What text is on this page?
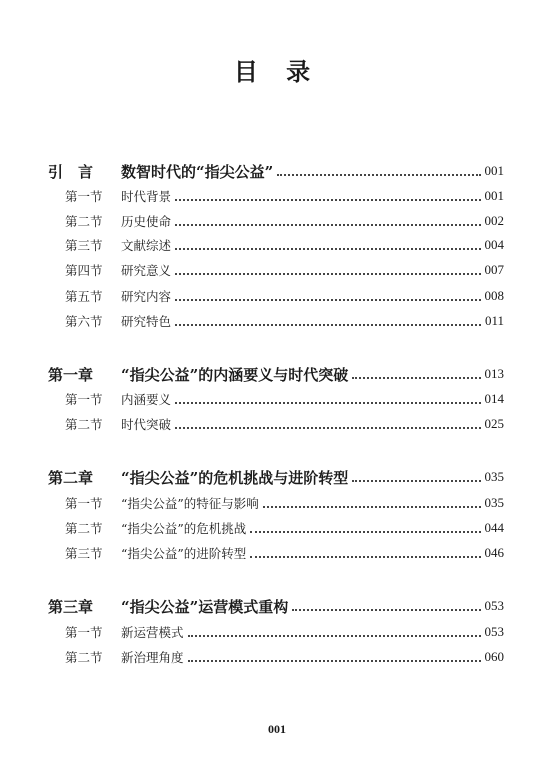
目 录
引　言	数智时代的“指尖公益”	001
第一节	时代背景	001
第二节	历史使命	002
第三节	文献综述	004
第四节	研究意义	007
第五节	研究内容	008
第六节	研究特色	011
第一章	“指尖公益”的内涵要义与时代突破	013
第一节	内涵要义	014
第二节	时代突破	025
第二章	“指尖公益”的危机挑战与进阶转型	035
第一节	“指尖公益”的特征与影响	035
第二节	“指尖公益”的危机挑战	044
第三节	“指尖公益”的进阶转型	046
第三章	“指尖公益”运营模式重构	053
第一节	新运营模式	053
第二节	新治理角度	060
001
